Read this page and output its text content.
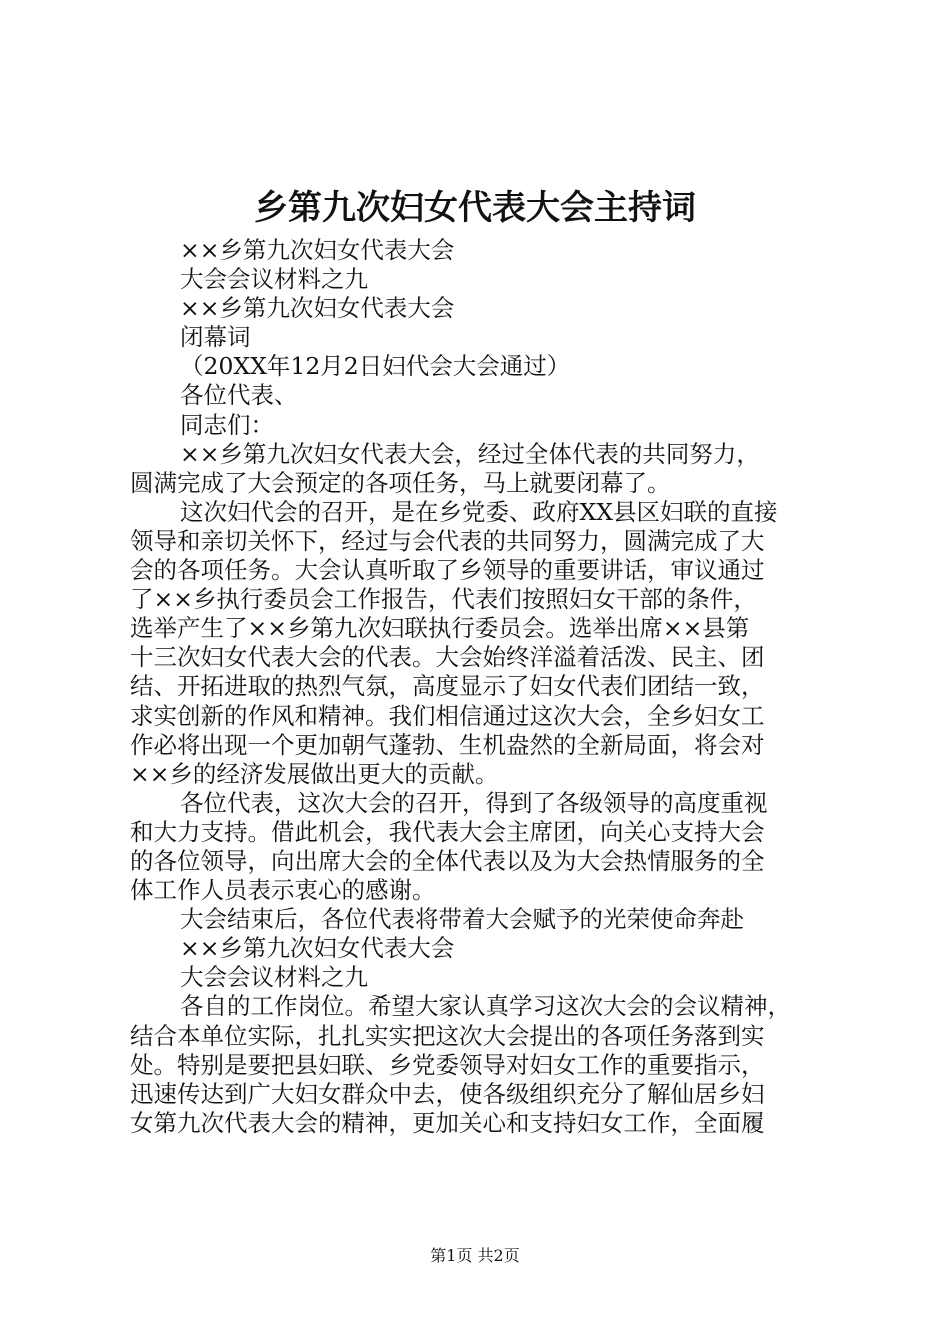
乡第九次妇女代表大会主持词

××乡第九次妇女代表大会

大会会议材料之九

××乡第九次妇女代表大会

闭幕词

（20XX年12月2日妇代会大会通过）

各位代表、

同志们：

××乡第九次妇女代表大会，经过全体代表的共同努力，
圆满完成了大会预定的各项任务，马上就要闭幕了。

这次妇代会的召开，是在乡党委、政府XX县区妇联的直接
领导和亲切关怀下，经过与会代表的共同努力，圆满完成了大
会的各项任务。大会认真听取了乡领导的重要讲话，审议通过
了××乡执行委员会工作报告，代表们按照妇女干部的条件，
选举产生了××乡第九次妇联执行委员会。选举出席××县第
十三次妇女代表大会的代表。大会始终洋溢着活泼、民主、团
结、开拓进取的热烈气氛，高度显示了妇女代表们团结一致，
求实创新的作风和精神。我们相信通过这次大会，全乡妇女工
作必将出现一个更加朝气蓬勃、生机盎然的全新局面，将会对
××乡的经济发展做出更大的贡献。

各位代表，这次大会的召开，得到了各级领导的高度重视
和大力支持。借此机会，我代表大会主席团，向关心支持大会
的各位领导，向出席大会的全体代表以及为大会热情服务的全
体工作人员表示衷心的感谢。

大会结束后，各位代表将带着大会赋予的光荣使命奔赴

××乡第九次妇女代表大会

大会会议材料之九

各自的工作岗位。希望大家认真学习这次大会的会议精神，
结合本单位实际，扎扎实实把这次大会提出的各项任务落到实
处。特别是要把县妇联、乡党委领导对妇女工作的重要指示，
迅速传达到广大妇女群众中去，使各级组织充分了解仙居乡妇
女第九次代表大会的精神，更加关心和支持妇女工作，全面履

第1页 共2页
